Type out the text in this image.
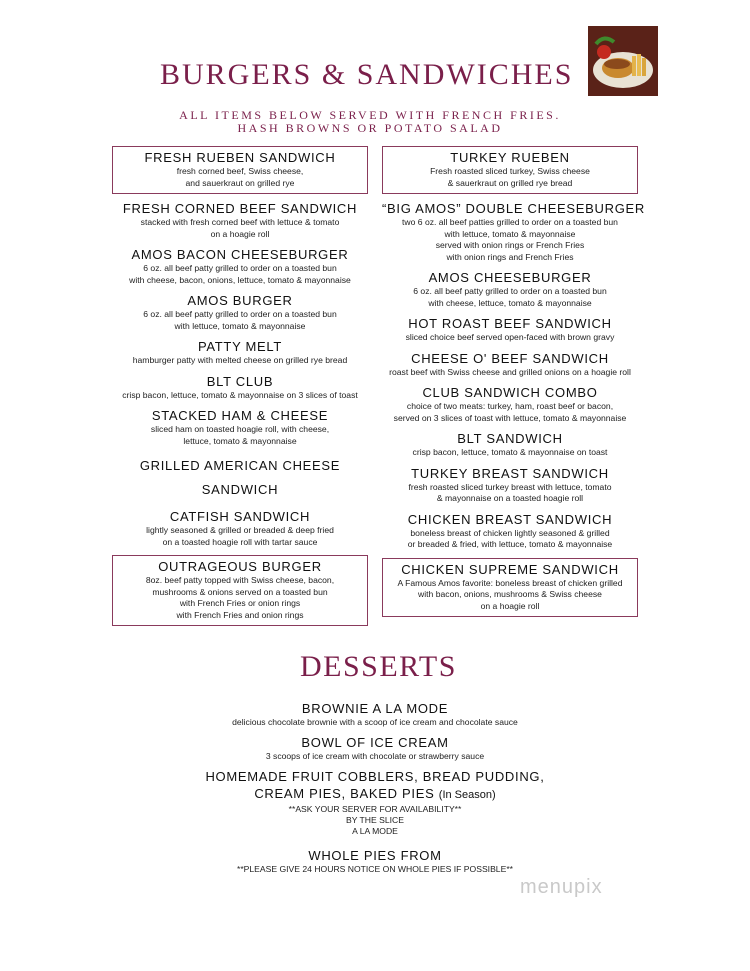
BURGERS & SANDWICHES
ALL ITEMS BELOW SERVED WITH FRENCH FRIES.
HASH BROWNS OR POTATO SALAD
FRESH RUEBEN SANDWICH
fresh corned beef, Swiss cheese,
and sauerkraut on grilled rye
FRESH CORNED BEEF SANDWICH
stacked with fresh corned beef with lettuce & tomato
on a hoagie roll
AMOS BACON CHEESEBURGER
6 oz. all beef patty grilled to order on a toasted bun
with cheese, bacon, onions, lettuce, tomato & mayonnaise
AMOS BURGER
6 oz. all beef patty grilled to order on a toasted bun
with lettuce, tomato & mayonnaise
PATTY MELT
hamburger patty with melted cheese on grilled rye bread
BLT CLUB
crisp bacon, lettuce, tomato & mayonnaise on 3 slices of toast
STACKED HAM & CHEESE
sliced ham on toasted hoagie roll, with cheese,
lettuce, tomato & mayonnaise
GRILLED AMERICAN CHEESE SANDWICH
CATFISH SANDWICH
lightly seasoned & grilled or breaded & deep fried
on a toasted hoagie roll with tartar sauce
OUTRAGEOUS BURGER
8oz. beef patty topped with Swiss cheese, bacon,
mushrooms & onions served on a toasted bun
with French Fries or onion rings
with French Fries and onion rings
TURKEY RUEBEN
Fresh roasted sliced turkey, Swiss cheese
& sauerkraut on grilled rye bread
“BIG AMOS” DOUBLE CHEESEBURGER
two 6 oz. all beef patties grilled to order on a toasted bun
with lettuce, tomato & mayonnaise
served with onion rings or French Fries
with onion rings and French Fries
AMOS CHEESEBURGER
6 oz. all beef patty grilled to order on a toasted bun
with cheese, lettuce, tomato & mayonnaise
HOT ROAST BEEF SANDWICH
sliced choice beef served open-faced with brown gravy
CHEESE O' BEEF SANDWICH
roast beef with Swiss cheese and grilled onions on a hoagie roll
CLUB SANDWICH COMBO
choice of two meats: turkey, ham, roast beef or bacon,
served on 3 slices of toast with lettuce, tomato & mayonnaise
BLT SANDWICH
crisp bacon, lettuce, tomato & mayonnaise on toast
TURKEY BREAST SANDWICH
fresh roasted sliced turkey breast with lettuce, tomato
& mayonnaise on a toasted hoagie roll
CHICKEN BREAST SANDWICH
boneless breast of chicken lightly seasoned & grilled
or breaded & fried, with lettuce, tomato & mayonnaise
CHICKEN SUPREME SANDWICH
A Famous Amos favorite: boneless breast of chicken grilled
with bacon, onions, mushrooms & Swiss cheese
on a hoagie roll
DESSERTS
BROWNIE A LA MODE
delicious chocolate brownie with a scoop of ice cream and chocolate sauce
BOWL OF ICE CREAM
3 scoops of ice cream with chocolate or strawberry sauce
HOMEMADE FRUIT COBBLERS, BREAD PUDDING,
CREAM PIES, BAKED PIES (In Season)
**ASK YOUR SERVER FOR AVAILABILITY**
BY THE SLICE
A LA MODE
WHOLE PIES FROM
**PLEASE GIVE 24 HOURS NOTICE ON WHOLE PIES IF POSSIBLE**
menupix
